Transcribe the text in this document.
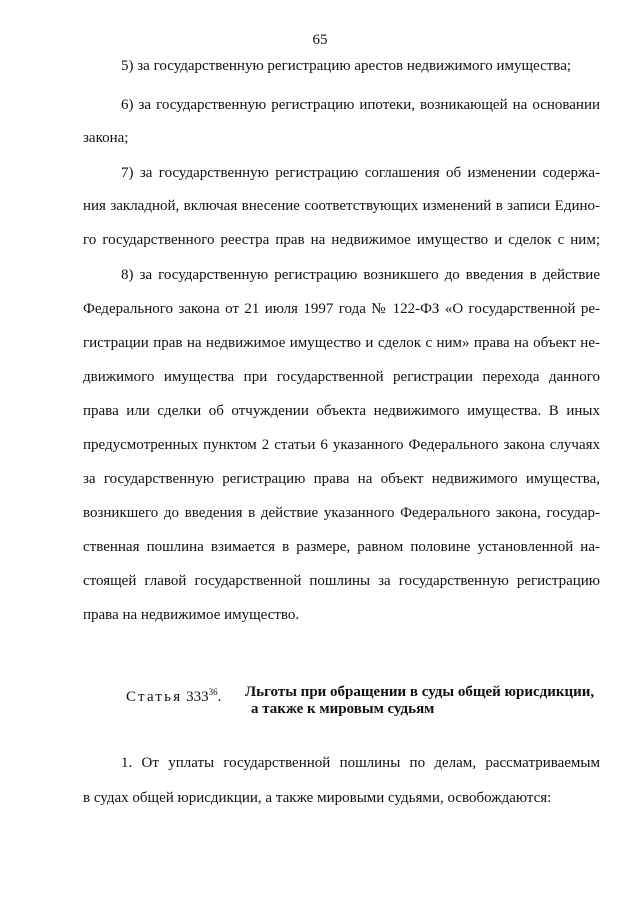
65
5) за государственную регистрацию арестов недвижимого имущества;
6) за государственную регистрацию ипотеки, возникающей на основании
закона;
7) за государственную регистрацию соглашения об изменении содержа-
ния закладной, включая внесение соответствующих изменений в записи Едино-
го государственного реестра прав на недвижимое имущество и сделок с ним;
8) за государственную регистрацию возникшего до введения в действие
Федерального закона от 21 июля 1997 года № 122-ФЗ «О государственной ре-
гистрации прав на недвижимое имущество и сделок с ним» права на объект не-
движимого имущества при государственной регистрации перехода данного
права или сделки об отчуждении объекта недвижимого имущества. В иных
предусмотренных пунктом 2 статьи 6 указанного Федерального закона случаях
за государственную регистрацию права на объект недвижимого имущества,
возникшего до введения в действие указанного Федерального закона, государ-
ственная пошлина взимается в размере, равном половине установленной на-
стоящей главой государственной пошлины за государственную регистрацию
права на недвижимое имущество.
Статья $333^{36}$. Льготы при обращении в суды общей юрисдикции,
а также к мировым судьям
1. От уплаты государственной пошлины по делам, рассматриваемым
в судах общей юрисдикции, а также мировыми судьями, освобождаются:
